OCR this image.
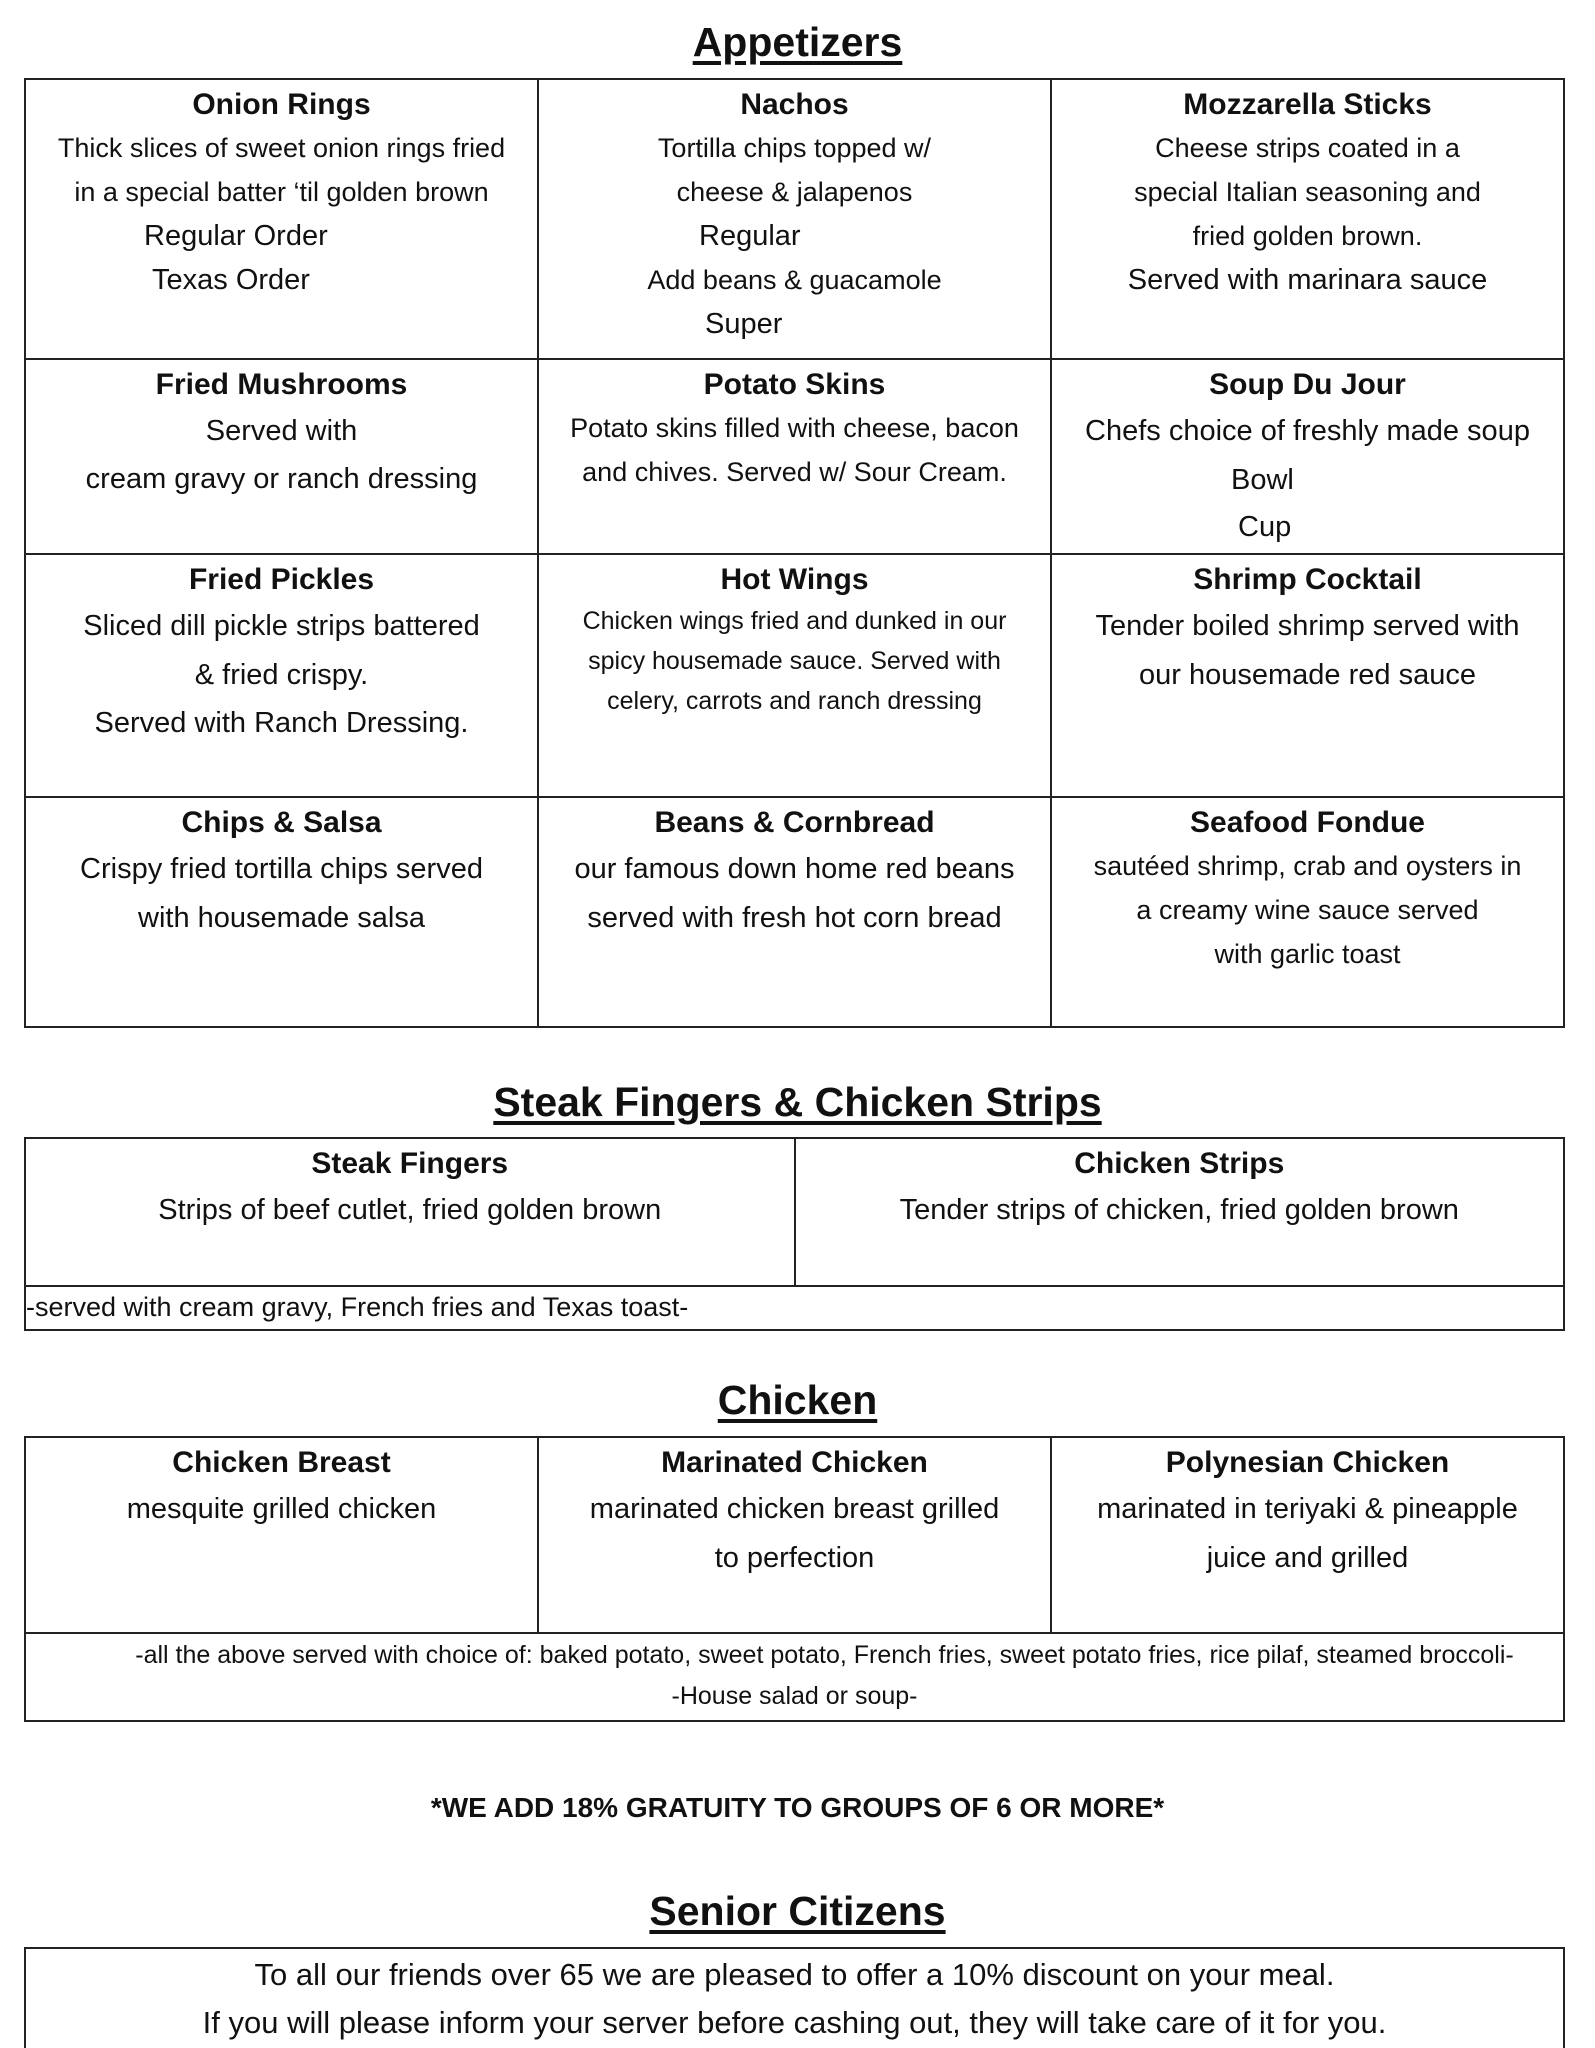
Appetizers
Onion Rings
Thick slices of sweet onion rings fried
in a special batter ‘til golden brown
Regular Order
Texas Order
Nachos
Tortilla chips topped w/
cheese & jalapenos
Regular
Add beans & guacamole
Super
Mozzarella Sticks
Cheese strips coated in a
special Italian seasoning and
fried golden brown.
Served with marinara sauce
Fried Mushrooms
Served with
cream gravy or ranch dressing
Potato Skins
Potato skins filled with cheese, bacon
and chives. Served w/ Sour Cream.
Soup Du Jour
Chefs choice of freshly made soup
Bowl
Cup
Fried Pickles
Sliced dill pickle strips battered
& fried crispy.
Served with Ranch Dressing.
Hot Wings
Chicken wings fried and dunked in our
spicy housemade sauce. Served with
celery, carrots and ranch dressing
Shrimp Cocktail
Tender boiled shrimp served with
our housemade red sauce
Chips & Salsa
Crispy fried tortilla chips served
with housemade salsa
Beans & Cornbread
our famous down home red beans
served with fresh hot corn bread
Seafood Fondue
sautéed shrimp, crab and oysters in
a creamy wine sauce served
with garlic toast
Steak Fingers & Chicken Strips
Steak Fingers
Strips of beef cutlet, fried golden brown
Chicken Strips
Tender strips of chicken, fried golden brown
-served with cream gravy, French fries and Texas toast-
Chicken
Chicken Breast
mesquite grilled chicken
Marinated Chicken
marinated chicken breast grilled
to perfection
Polynesian Chicken
marinated in teriyaki & pineapple
juice and grilled
-all the above served with choice of: baked potato, sweet potato, French fries, sweet potato fries, rice pilaf, steamed broccoli-
-House salad or soup-
*WE ADD 18% GRATUITY TO GROUPS OF 6 OR MORE*
Senior Citizens
To all our friends over 65 we are pleased to offer a 10% discount on your meal.
If you will please inform your server before cashing out, they will take care of it for you.
